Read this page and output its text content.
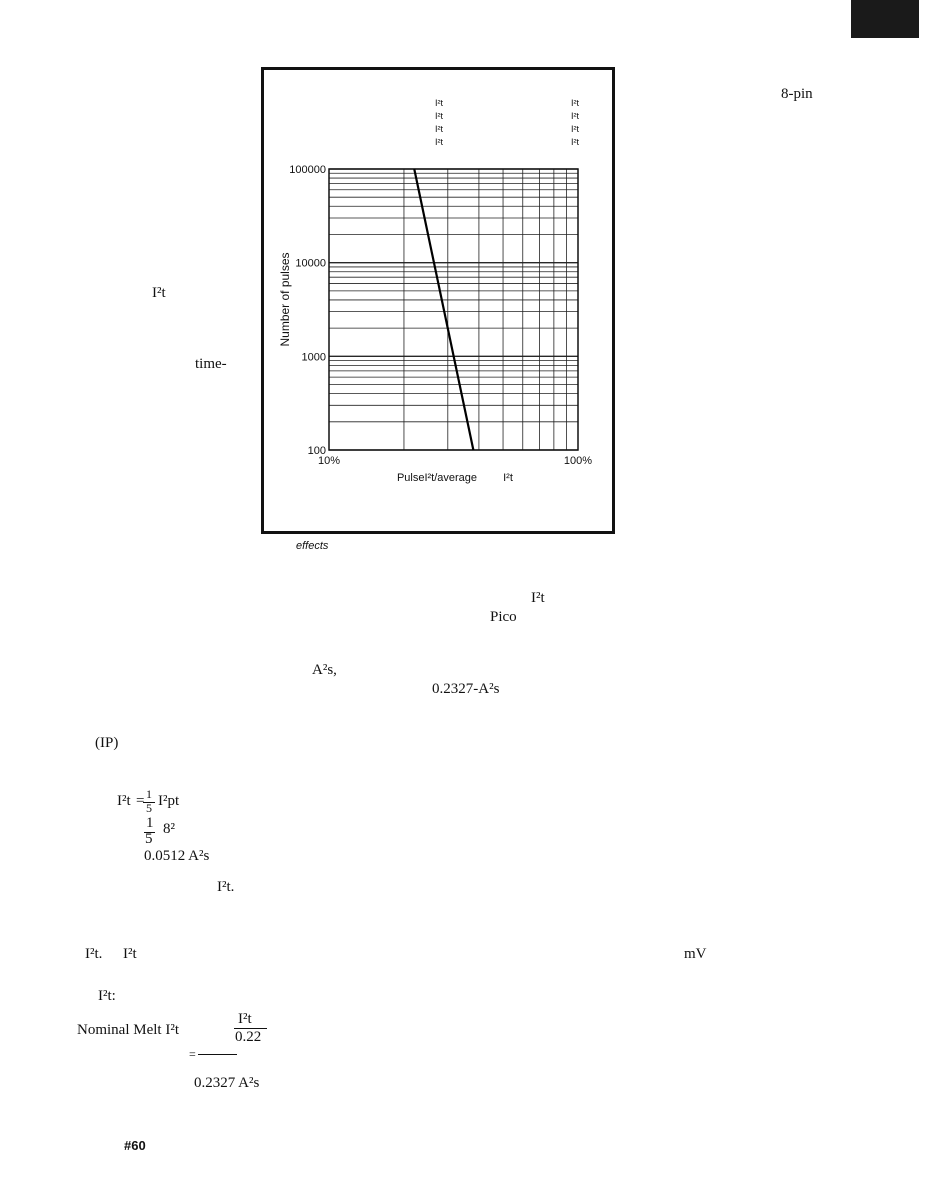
8-pin
I²t
I²t
I²t
I²t
I²t
I²t
I²t
I²t
100000
10000
1000
100
10%	100%
PulseI²t/average I²t
Number of pulses
effects
I²t
time-
I²t
Pico
A²s,
0.2327-A²s
(IP)
I²t = 1
5 I²pt
1
5
8²
0.0512 A²s
I²t.
I²t. I²t	mV
I²t:
Nominal Melt I²t
I²t
0.22
=
0.2327 A²s
#60
